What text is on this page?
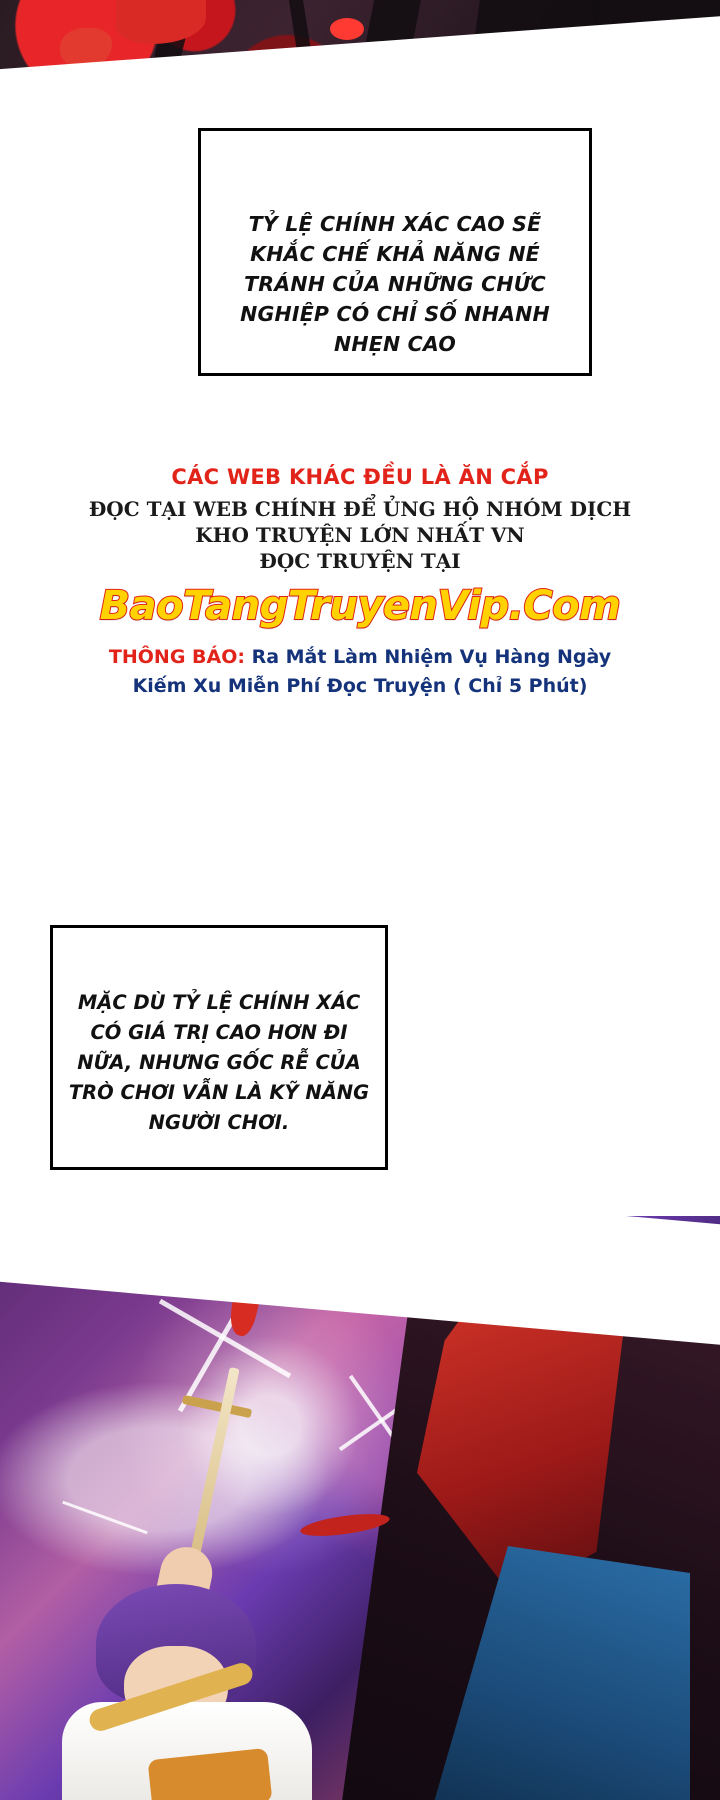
TỶ LỆ CHÍNH XÁC CAO SẼ KHẮC CHẾ KHẢ NĂNG NÉ TRÁNH CỦA NHỮNG CHỨC NGHIỆP CÓ CHỈ SỐ NHANH NHẸN CAO
CÁC WEB KHÁC ĐỀU LÀ ĂN CẮP
ĐỌC TẠI WEB CHÍNH ĐỂ ỦNG HỘ NHÓM DỊCH
KHO TRUYỆN LỚN NHẤT VN
ĐỌC TRUYỆN TẠI
BaoTangTruyenVip.Com
THÔNG BÁO: Ra Mắt Làm Nhiệm Vụ Hàng Ngày
Kiếm Xu Miễn Phí Đọc Truyện ( Chỉ 5 Phút)
MẶC DÙ TỶ LỆ CHÍNH XÁC CÓ GIÁ TRỊ CAO HƠN ĐI NỮA, NHƯNG GỐC RỄ CỦA TRÒ CHƠI VẪN LÀ KỸ NĂNG NGƯỜI CHƠI.
